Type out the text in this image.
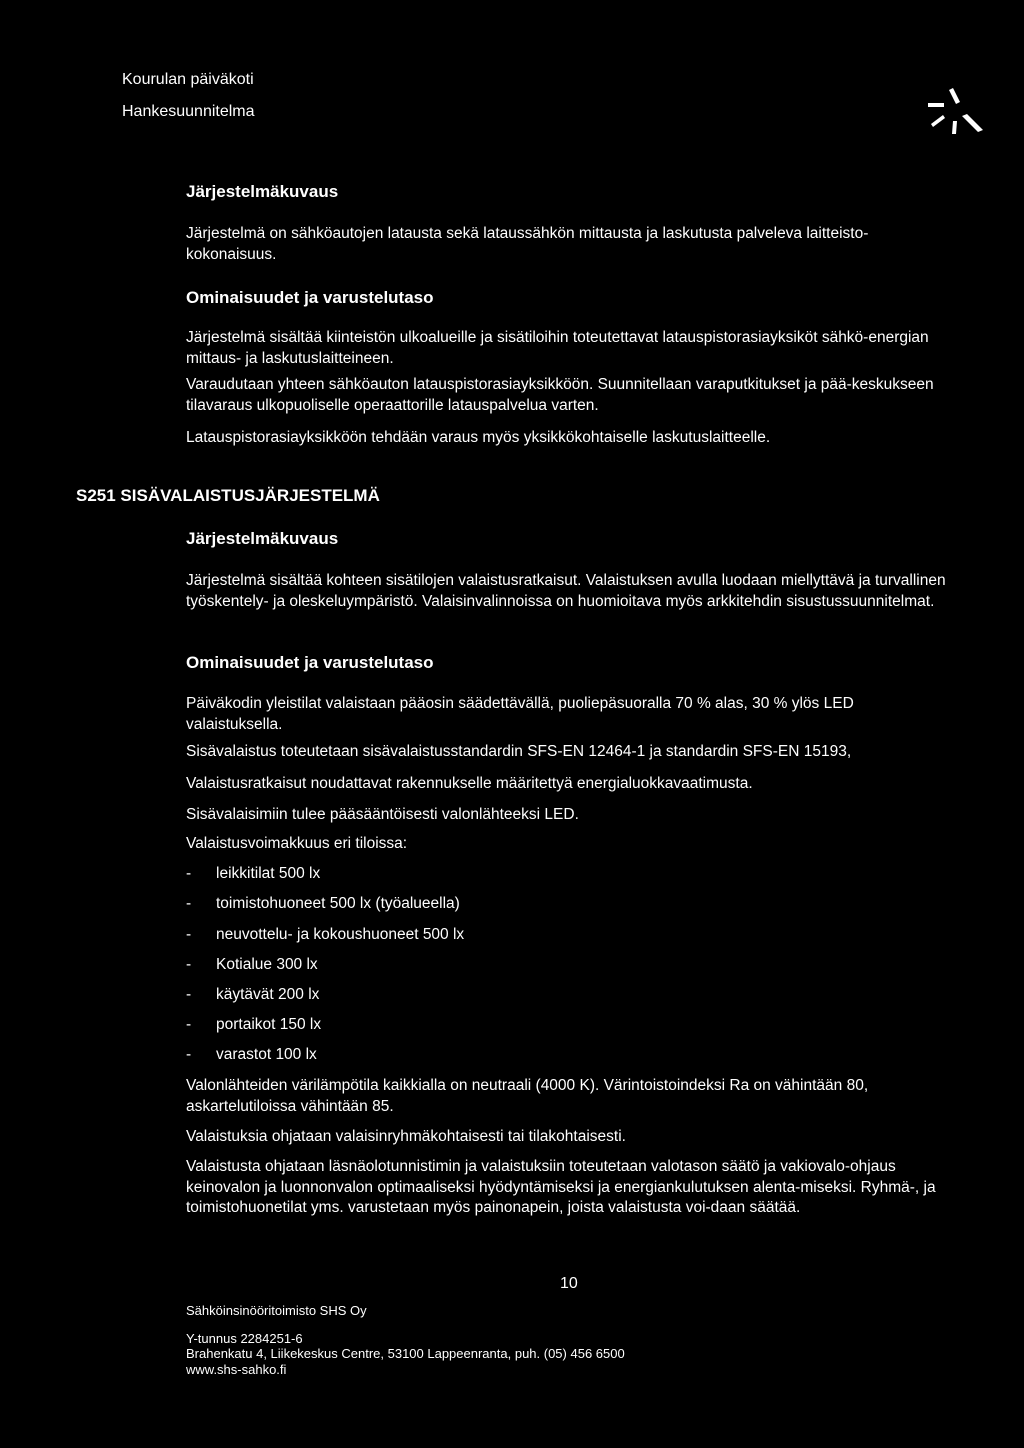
Kourulan päiväkoti
Hankesuunnitelma
Järjestelmäkuvaus
Järjestelmä on sähköautojen latausta sekä lataussähkön mittausta ja laskutusta palveleva laitteisto-kokonaisuus.
Ominaisuudet ja varustelutaso
Järjestelmä sisältää kiinteistön ulkoalueille ja sisätiloihin toteutettavat latauspistorasiayksiköt sähkö-energian mittaus- ja laskutuslaitteineen.
Varaudutaan yhteen sähköauton latauspistorasiayksikköön. Suunnitellaan varaputkitukset ja pää-keskukseen tilavaraus ulkopuoliselle operaattorille latauspalvelua varten.
Latauspistorasiayksikköön tehdään varaus myös yksikkökohtaiselle laskutuslaitteelle.
S251 SISÄVALAISTUSJÄRJESTELMÄ
Järjestelmäkuvaus
Järjestelmä sisältää kohteen sisätilojen valaistusratkaisut. Valaistuksen avulla luodaan miellyttävä ja turvallinen työskentely- ja oleskeluympäristö. Valaisinvalinnoissa on huomioitava myös arkkitehdin sisustussuunnitelmat.
Ominaisuudet ja varustelutaso
Päiväkodin yleistilat valaistaan pääosin säädettävällä, puoliepäsuoralla 70 % alas, 30 % ylös LED valaistuksella.
Sisävalaistus toteutetaan sisävalaistusstandardin SFS-EN 12464-1 ja standardin SFS-EN 15193,
Valaistusratkaisut noudattavat rakennukselle määritettyä energialuokkavaatimusta.
Sisävalaisimiin tulee pääsääntöisesti valonlähteeksi LED.
Valaistusvoimakkuus eri tiloissa:
- leikkitilat 500 lx
- toimistohuoneet 500 lx (työalueella)
- neuvottelu- ja kokoushuoneet 500 lx
- Kotialue 300 lx
- käytävät 200 lx
- portaikot 150 lx
- varastot 100 lx
Valonlähteiden värilämpötila kaikkialla on neutraali (4000 K). Värintoistoindeksi Ra on vähintään 80, askartelutiloissa vähintään 85.
Valaistuksia ohjataan valaisinryhmäkohtaisesti tai tilakohtaisesti.
Valaistusta ohjataan läsnäolotunnistimin ja valaistuksiin toteutetaan valotason säätö ja vakiovalo-ohjaus keinovalon ja luonnonvalon optimaaliseksi hyödyntämiseksi ja energiankulutuksen alenta-miseksi. Ryhmä-, ja toimistohuonetilat yms. varustetaan myös painonapein, joista valaistusta voi-daan säätää.
10
Sähköinsinööritoimisto SHS Oy
Y-tunnus 2284251-6
Brahenkatu 4, Liikekeskus Centre, 53100 Lappeenranta, puh. (05) 456 6500
www.shs-sahko.fi
